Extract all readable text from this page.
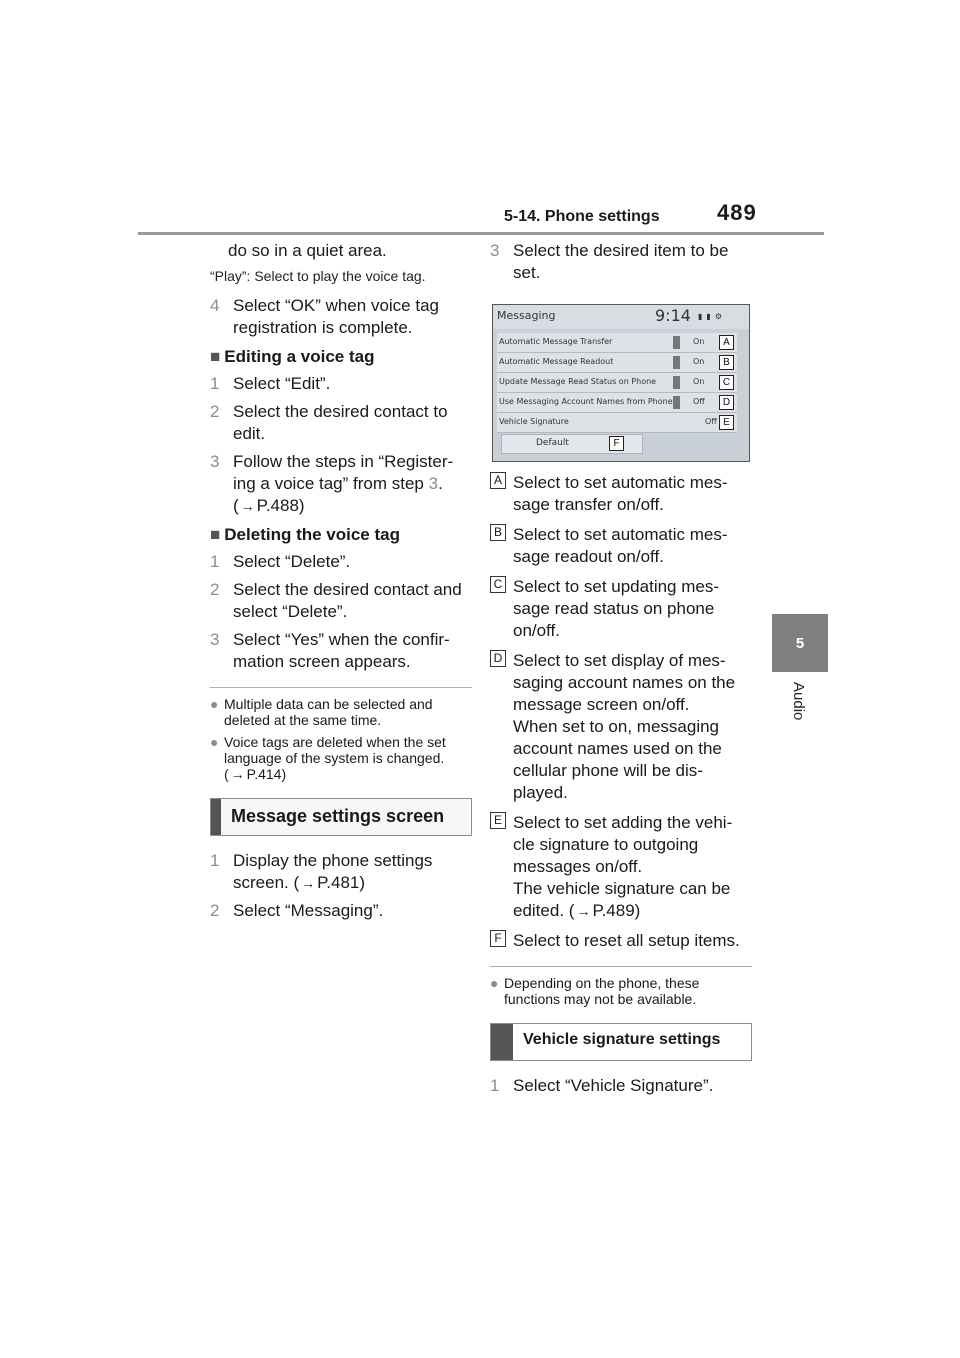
5-14. Phone settings	489
5
Audio

do so in a quiet area.

“Play”: Select to play the voice tag.

4 Select “OK” when voice tag registration is complete.
■ Editing a voice tag
1 Select “Edit”.
2 Select the desired contact to edit.
3 Follow the steps in “Register-ing a voice tag” from step 3.
( → P.488)
■ Deleting the voice tag
1 Select “Delete”.
2 Select the desired contact and select “Delete”.
3 Select “Yes” when the confir-mation screen appears.
● Multiple data can be selected and deleted at the same time.
● Voice tags are deleted when the set language of the system is changed. ( → P.414)
Message settings screen
1 Display the phone settings screen. ( → P.481)
2 Select “Messaging”.
3 Select the desired item to be set.
Messaging	9:14 ▮▮⚙
Automatic Message Transfer	On
Automatic Message Readout	On
Update Message Read Status on Phone	On
Use Messaging Account Names from Phone	Off
Vehicle Signature	Off
Default
A
B
C
D
E
F
A Select to set automatic mes-sage transfer on/off.
B Select to set automatic mes-sage readout on/off.
C Select to set updating mes-sage read status on phone on/off.
D Select to set display of mes-saging account names on the message screen on/off.
When set to on, messaging account names used on the cellular phone will be dis-played.
E Select to set adding the vehi-cle signature to outgoing messages on/off.
The vehicle signature can be edited. ( → P.489)
F Select to reset all setup items.
● Depending on the phone, these functions may not be available.
Vehicle signature settings
1 Select “Vehicle Signature”.
